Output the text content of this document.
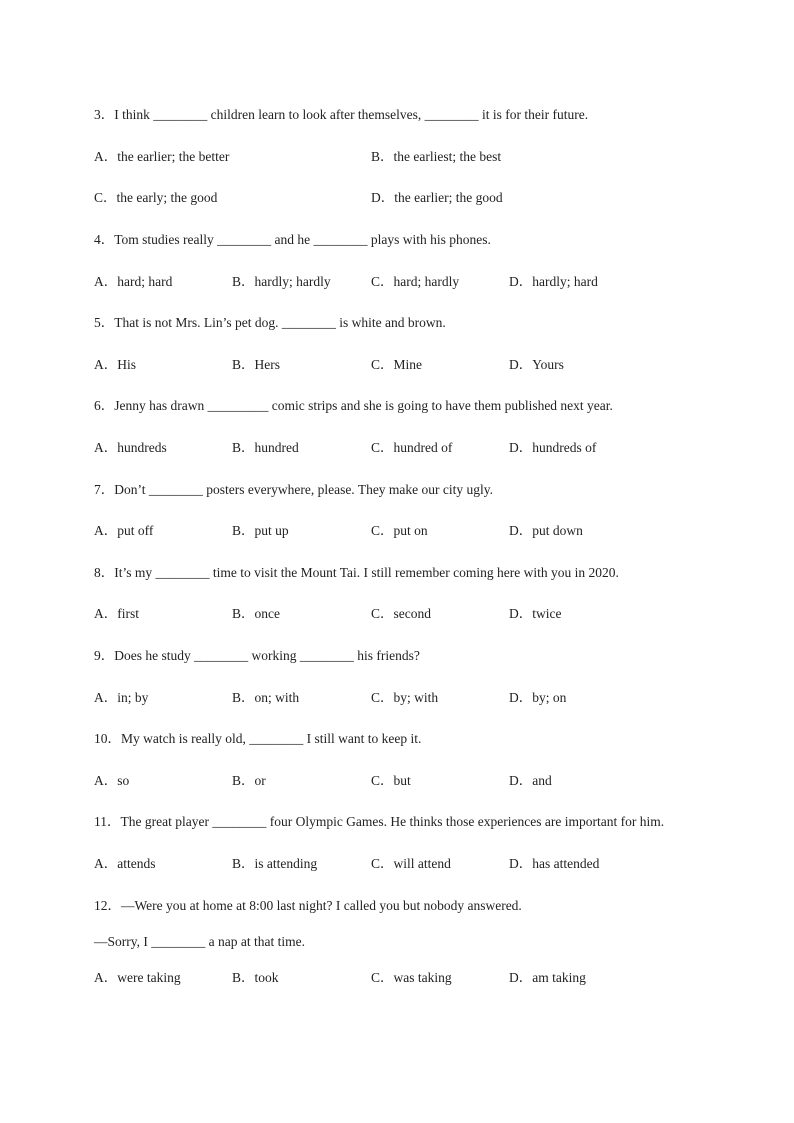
3．I think ________ children learn to look after themselves, ________ it is for their future.
A．the earlier; the better	B．the earliest; the best
C．the early; the good	D．the earlier; the good
4．Tom studies really ________ and he ________ plays with his phones.
A．hard; hard	B．hardly; hardly	C．hard; hardly	D．hardly; hard
5．That is not Mrs. Lin’s pet dog. ________ is white and brown.
A．His	B．Hers	C．Mine	D．Yours
6．Jenny has drawn _________ comic strips and she is going to have them published next year.
A．hundreds	B．hundred	C．hundred of	D．hundreds of
7．Don’t ________ posters everywhere, please. They make our city ugly.
A．put off	B．put up	C．put on	D．put down
8．It’s my ________ time to visit the Mount Tai. I still remember coming here with you in 2020.
A．first	B．once	C．second	D．twice
9．Does he study ________ working ________ his friends?
A．in; by	B．on; with	C．by; with	D．by; on
10．My watch is really old, ________ I still want to keep it.
A．so	B．or	C．but	D．and
11．The great player ________ four Olympic Games. He thinks those experiences are important for him.
A．attends	B．is attending	C．will attend	D．has attended
12．—Were you at home at 8:00 last night? I called you but nobody answered.
—Sorry, I ________ a nap at that time.
A．were taking	B．took	C．was taking	D．am taking
